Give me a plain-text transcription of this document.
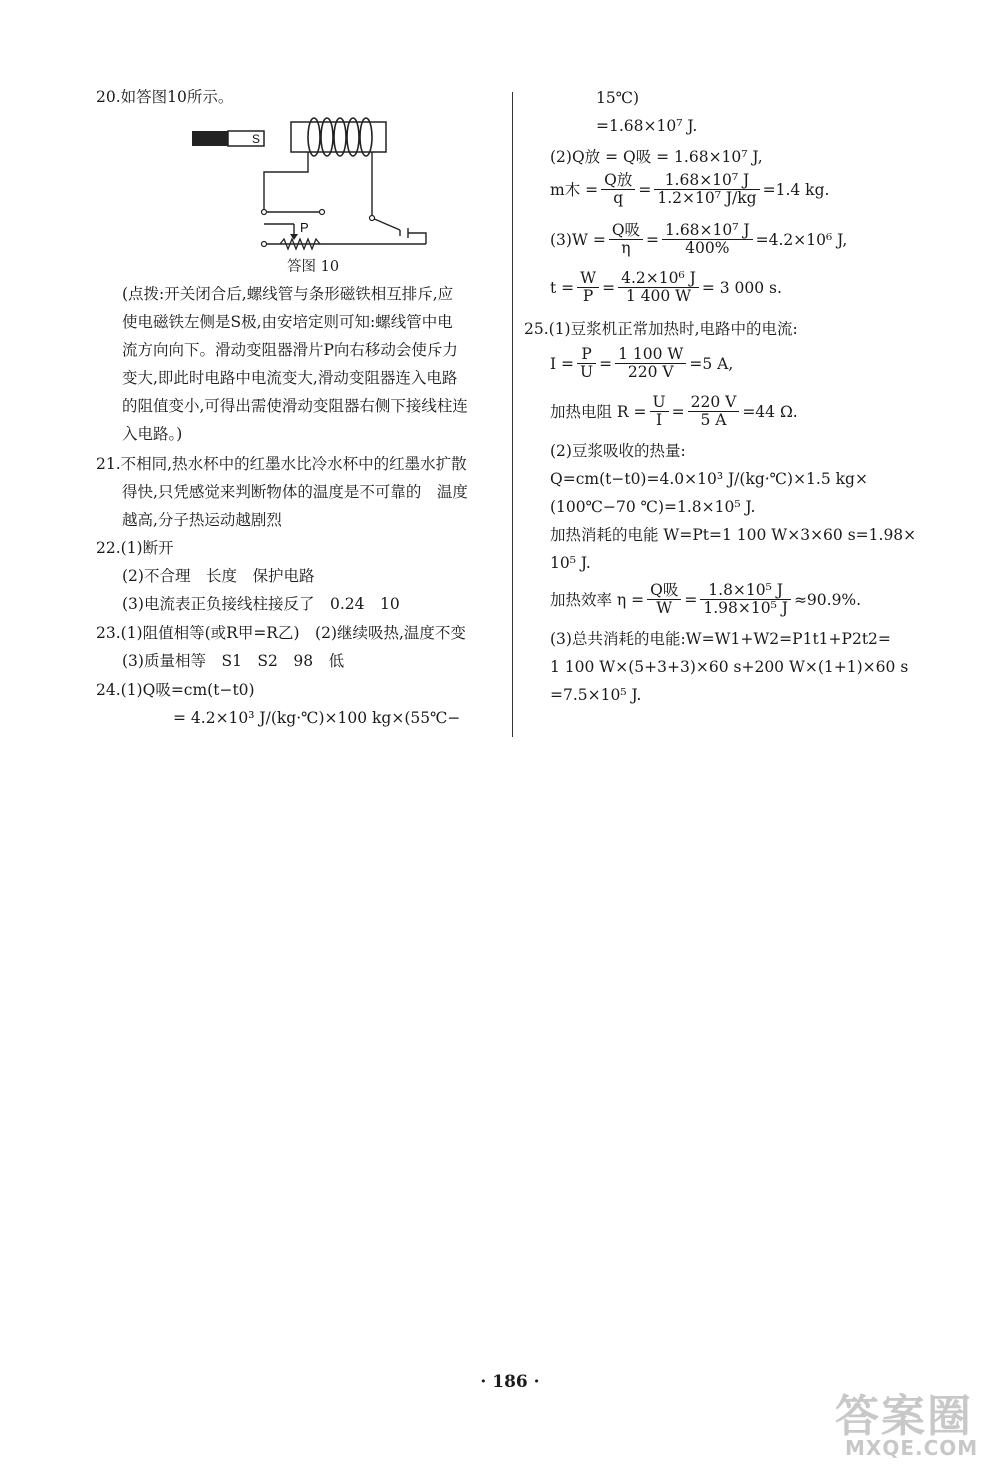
20.如答图10所示。
S
P
答图 10
(点拨:开关闭合后,螺线管与条形磁铁相互排斥,应
使电磁铁左侧是S极,由安培定则可知:螺线管中电
流方向向下。滑动变阻器滑片P向右移动会使斥力
变大,即此时电路中电流变大,滑动变阻器连入电路
的阻值变小,可得出需使滑动变阻器右侧下接线柱连
入电路。)
21.不相同,热水杯中的红墨水比冷水杯中的红墨水扩散
得快,只凭感觉来判断物体的温度是不可靠的　温度
越高,分子热运动越剧烈
22.(1)断开
(2)不合理　长度　保护电路
(3)电流表正负接线柱接反了　0.24　10
23.(1)阻值相等(或R甲=R乙)　(2)继续吸热,温度不变
(3)质量相等　S1　S2　98　低
24.(1)Q吸=cm(t−t0)
= 4.2×10³ J/(kg·℃)×100 kg×(55℃−
15℃)
=1.68×10⁷ J.
(2)Q放 = Q吸 = 1.68×10⁷ J,
m木 = $\frac{\text{Q放}}{q} = \frac{\text{1.68×10⁷ J}}{\text{1.2×10⁷ J/kg}} =1.4$ kg.
$(3)W = \frac{\text{Q吸}}{\eta} = \frac{\text{1.68×10⁷ J}}{400\%} =4.2\times 10^6$ J,
$t = \frac{W}{P} = \frac{\text{4.2×10⁶ J}}{1 400 W} = 3$ 000 s.
25.(1)豆浆机正常加热时,电路中的电流:
$I = \frac{P}{U} = \frac{1 100 W}{220 V} =5$ A,
加热电阻 $R = \frac{U}{I} = \frac{220 V}{5 A} =44$ Ω.
(2)豆浆吸收的热量:
Q=cm(t−t0)=4.0×10³ J/(kg·℃)×1.5 kg×
(100℃−70 ℃)=1.8×10⁵ J.
加热消耗的电能 W=Pt=1 100 W×3×60 s=1.98×
10⁵ J.
加热效率 $\eta = \frac{\text{Q吸}}{W} = \frac{\text{1.8×10⁵ J}}{\text{1.98×10⁵ J}} \approx 90.9\%$.
(3)总共消耗的电能:W=W1+W2=P1t1+P2t2=
1 100 W×(5+3+3)×60 s+200 W×(1+1)×60 s
=7.5×10⁵ J.
· 186 ·
答案圈
MXQE.COM
